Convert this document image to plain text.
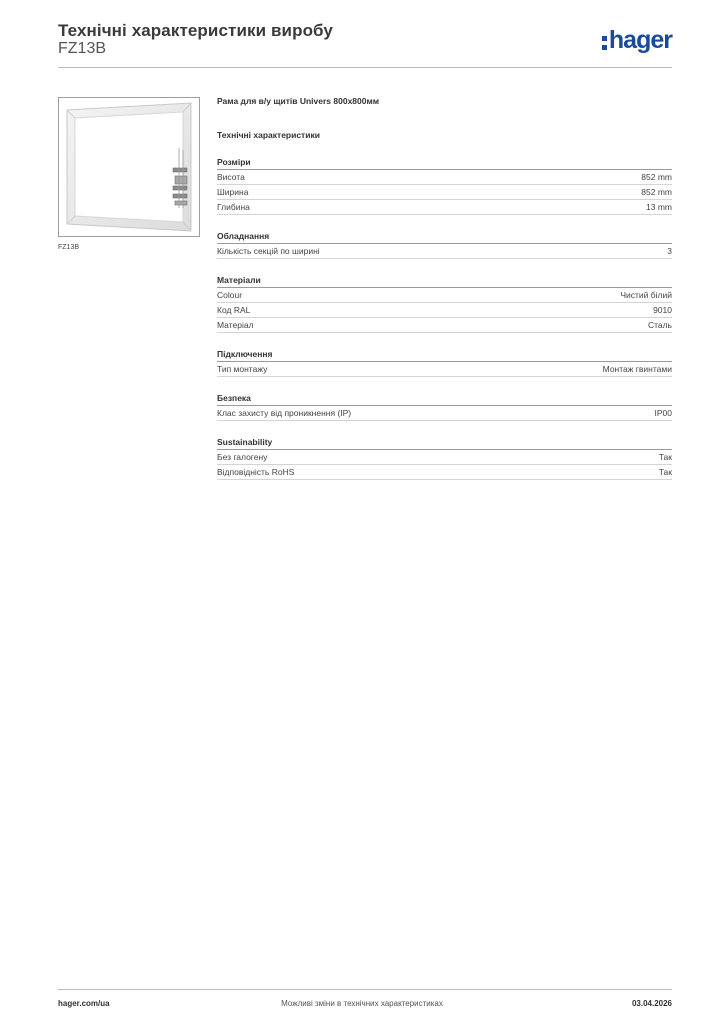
Технічні характеристики виробу
FZ13B	hager
FZ13B
Рама для в/у щитів Univers 800x800мм
Технічні характеристики
Розміри
Висота	852 mm
Ширина	852 mm
Глибина	13 mm
Обладнання
Кількість секцій по ширині	3
Матеріали
Colour	Чистий білий
Код RAL	9010
Матеріал	Сталь
Підключення
Тип монтажу	Монтаж гвинтами
Безпека
Клас захисту від проникнення (IP)	IP00
Sustainability
Без галогену	Так
Відповідність RoHS	Так
hager.com/ua	Можливі зміни в технічних характеристиках	03.04.2026
